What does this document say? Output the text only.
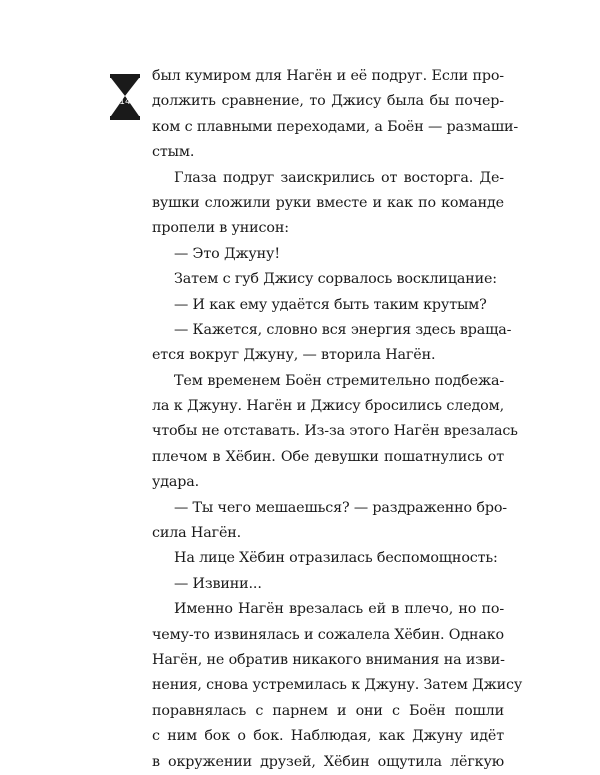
14
был кумиром для Нагён и её подруг. Если про-
должить сравнение, то Джису была бы почер-
ком с плавными переходами, а Боён — размаши-
стым.
Глаза подруг заискрились от восторга. Де-
вушки сложили руки вместе и как по команде
пропели в унисон:
— Это Джуну!
Затем с губ Джису сорвалось восклицание:
— И как ему удаётся быть таким крутым?
— Кажется, словно вся энергия здесь враща-
ется вокруг Джуну, — вторила Нагён.
Тем временем Боён стремительно подбежа-
ла к Джуну. Нагён и Джису бросились следом,
чтобы не отставать. Из-за этого Нагён врезалась
плечом в Хёбин. Обе девушки пошатнулись от
удара.
— Ты чего мешаешься? — раздраженно бро-
сила Нагён.
На лице Хёбин отразилась беспомощность:
— Извини...
Именно Нагён врезалась ей в плечо, но по-
чему-то извинялась и сожалела Хёбин. Однако
Нагён, не обратив никакого внимания на изви-
нения, снова устремилась к Джуну. Затем Джису
поравнялась с парнем и они с Боён пошли
с ним бок о бок. Наблюдая, как Джуну идёт
в окружении друзей, Хёбин ощутила лёгкую
